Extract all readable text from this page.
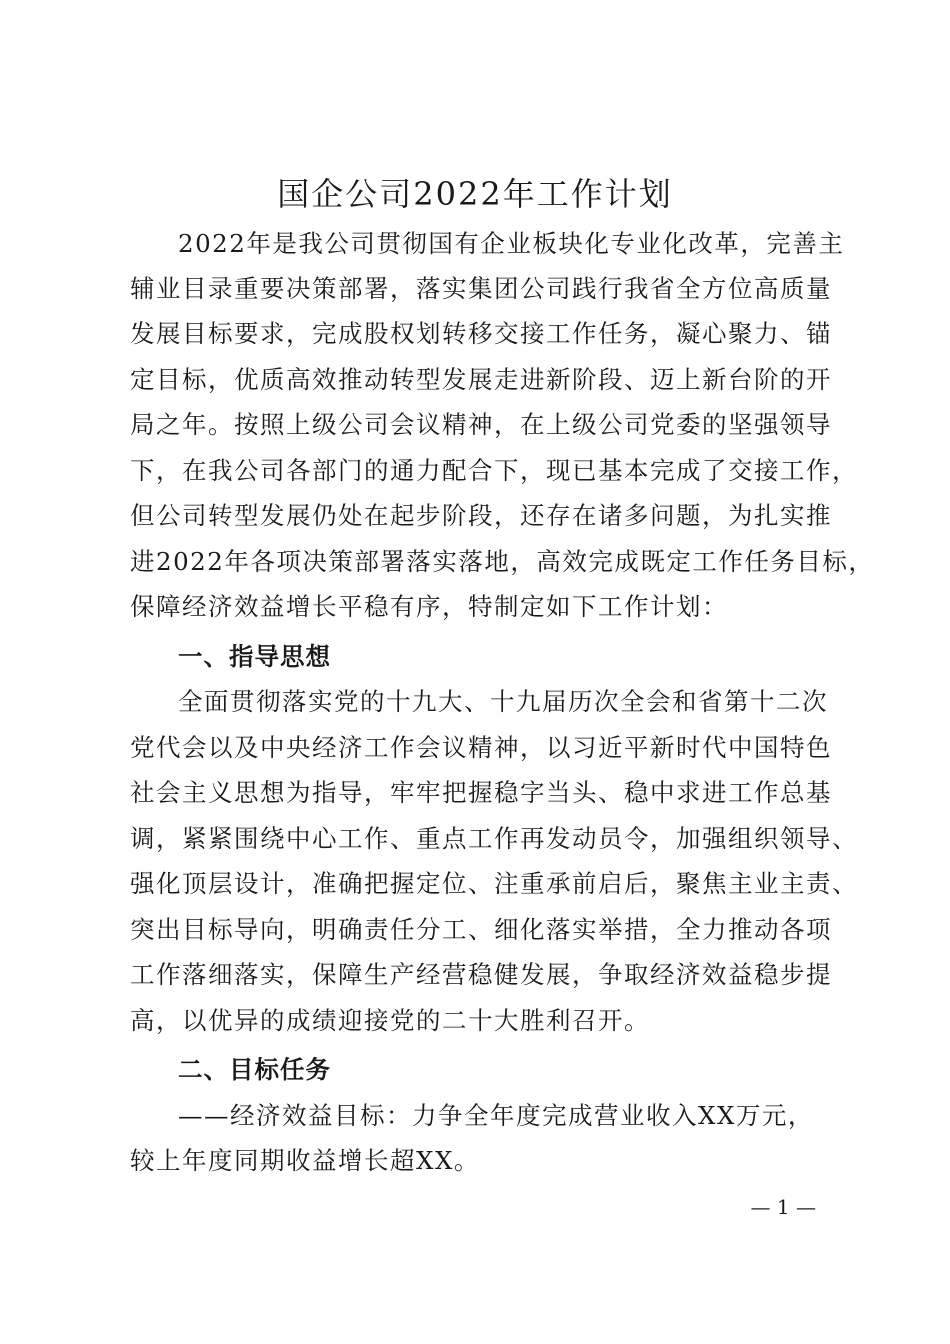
国企公司2022年工作计划
2022年是我公司贯彻国有企业板块化专业化改革，完善主
辅业目录重要决策部署，落实集团公司践行我省全方位高质量
发展目标要求，完成股权划转移交接工作任务，凝心聚力、锚
定目标，优质高效推动转型发展走进新阶段、迈上新台阶的开
局之年。按照上级公司会议精神，在上级公司党委的坚强领导
下，在我公司各部门的通力配合下，现已基本完成了交接工作，
但公司转型发展仍处在起步阶段，还存在诸多问题，为扎实推
进2022年各项决策部署落实落地，高效完成既定工作任务目标，
保障经济效益增长平稳有序，特制定如下工作计划：
一、指导思想
全面贯彻落实党的十九大、十九届历次全会和省第十二次
党代会以及中央经济工作会议精神，以习近平新时代中国特色
社会主义思想为指导，牢牢把握稳字当头、稳中求进工作总基
调，紧紧围绕中心工作、重点工作再发动员令，加强组织领导、
强化顶层设计，准确把握定位、注重承前启后，聚焦主业主责、
突出目标导向，明确责任分工、细化落实举措，全力推动各项
工作落细落实，保障生产经营稳健发展，争取经济效益稳步提
高，以优异的成绩迎接党的二十大胜利召开。
二、目标任务
——经济效益目标：力争全年度完成营业收入XX万元，
较上年度同期收益增长超XX。
— 1 —
